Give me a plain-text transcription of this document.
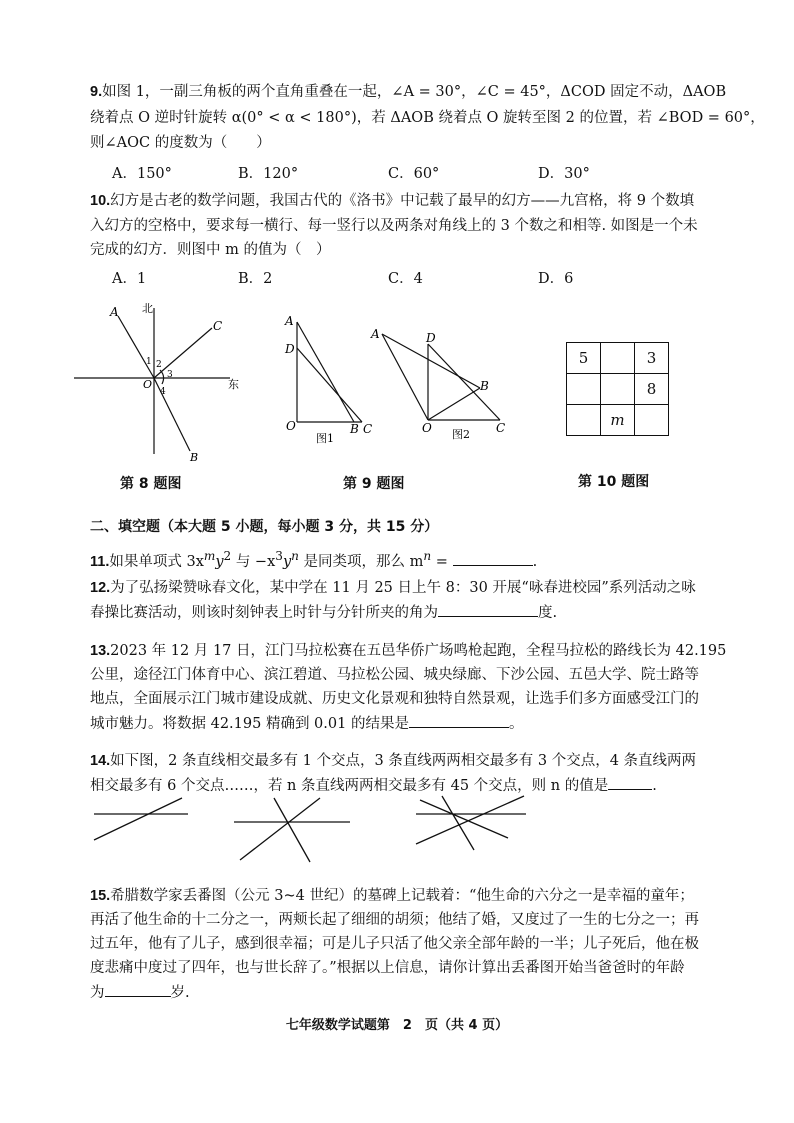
9.如图 1，一副三角板的两个直角重叠在一起，∠A = 30°，∠C = 45°，ΔCOD 固定不动，ΔAOB
绕着点 O 逆时针旋转 α(0° < α < 180°)，若 ΔAOB 绕着点 O 旋转至图 2 的位置，若 ∠BOD = 60°，
则∠AOC 的度数为（　　）
A．150°	B．120°	C．60°	D．30°
10.幻方是古老的数学问题，我国古代的《洛书》中记载了最早的幻方——九宫格，将 9 个数填
入幻方的空格中，要求每一横行、每一竖行以及两条对角线上的 3 个数之和相等. 如图是一个未
完成的幻方．则图中 m 的值为（　）
A．1	B．2	C．4	D．6
北
东
A
C
B
O
1 2
3
4
第 8 题图
A
D
O	B C
图1
A	D
B
O	C
图2
第 9 题图
5		3
		8
	m	
第 10 题图
二、填空题（本大题 5 小题，每小题 3 分，共 15 分）
11.如果单项式 $3x^my^2$ 与 $-x^3y^n$ 是同类项，那么 $m^n$ =	.
12.为了弘扬梁赞咏春文化，某中学在 11 月 25 日上午 8：30 开展“咏春进校园”系列活动之咏
春操比赛活动，则该时刻钟表上时针与分针所夹的角为	度.
13.2023 年 12 月 17 日，江门马拉松赛在五邑华侨广场鸣枪起跑，全程马拉松的路线长为 42.195
公里，途径江门体育中心、滨江碧道、马拉松公园、城央绿廊、下沙公园、五邑大学、院士路等
地点，全面展示江门城市建设成就、历史文化景观和独特自然景观，让选手们多方面感受江门的
城市魅力。将数据 42.195 精确到 0.01 的结果是	。
14.如下图，2 条直线相交最多有 1 个交点，3 条直线两两相交最多有 3 个交点，4 条直线两两
相交最多有 6 个交点……，若 n 条直线两两相交最多有 45 个交点，则 n 的值是	.
15.希腊数学家丢番图（公元 3~4 世纪）的墓碑上记载着：“他生命的六分之一是幸福的童年；
再活了他生命的十二分之一，两颊长起了细细的胡须；他结了婚，又度过了一生的七分之一；再
过五年，他有了儿子，感到很幸福；可是儿子只活了他父亲全部年龄的一半；儿子死后，他在极
度悲痛中度过了四年，也与世长辞了。”根据以上信息，请你计算出丢番图开始当爸爸时的年龄
为	岁.
七年级数学试题第　2　页（共 4 页）
